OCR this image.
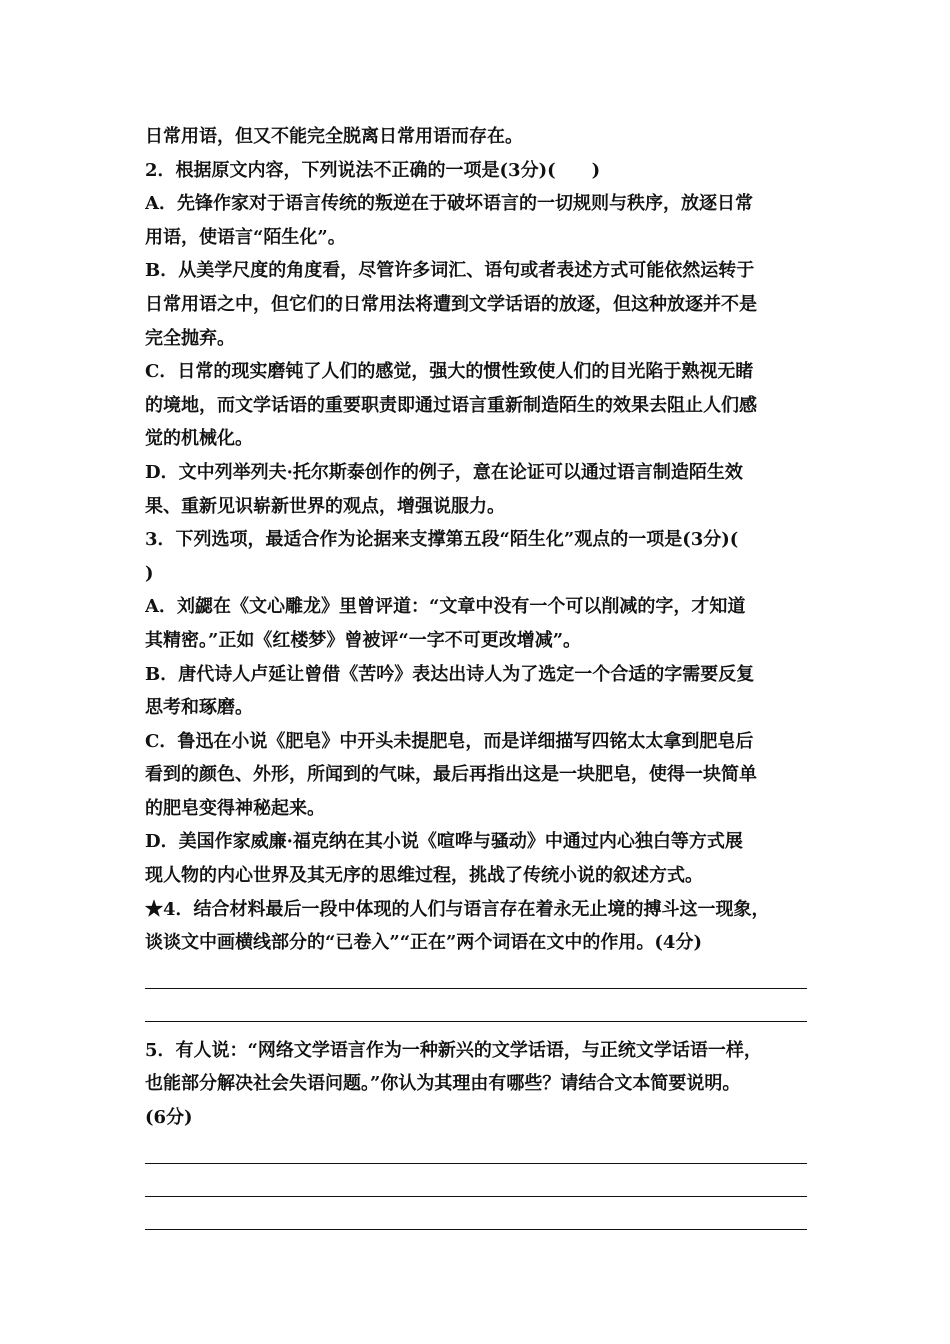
日常用语，但又不能完全脱离日常用语而存在。
2．根据原文内容，下列说法不正确的一项是(3分)(　　)
A．先锋作家对于语言传统的叛逆在于破坏语言的一切规则与秩序，放逐日常
用语，使语言“陌生化”。
B．从美学尺度的角度看，尽管许多词汇、语句或者表述方式可能依然运转于
日常用语之中，但它们的日常用法将遭到文学话语的放逐，但这种放逐并不是
完全抛弃。
C．日常的现实磨钝了人们的感觉，强大的惯性致使人们的目光陷于熟视无睹
的境地，而文学话语的重要职责即通过语言重新制造陌生的效果去阻止人们感
觉的机械化。
D．文中列举列夫·托尔斯泰创作的例子，意在论证可以通过语言制造陌生效
果、重新见识崭新世界的观点，增强说服力。
3．下列选项，最适合作为论据来支撑第五段“陌生化”观点的一项是(3分)(
)
A．刘勰在《文心雕龙》里曾评道：“文章中没有一个可以削减的字，才知道
其精密。”正如《红楼梦》曾被评“一字不可更改增减”。
B．唐代诗人卢延让曾借《苦吟》表达出诗人为了选定一个合适的字需要反复
思考和琢磨。
C．鲁迅在小说《肥皂》中开头未提肥皂，而是详细描写四铭太太拿到肥皂后
看到的颜色、外形，所闻到的气味，最后再指出这是一块肥皂，使得一块简单
的肥皂变得神秘起来。
D．美国作家威廉·福克纳在其小说《喧哗与骚动》中通过内心独白等方式展
现人物的内心世界及其无序的思维过程，挑战了传统小说的叙述方式。
★4．结合材料最后一段中体现的人们与语言存在着永无止境的搏斗这一现象，
谈谈文中画横线部分的“已卷入”“正在”两个词语在文中的作用。(4分)
5．有人说：“网络文学语言作为一种新兴的文学话语，与正统文学话语一样，
也能部分解决社会失语问题。”你认为其理由有哪些？请结合文本简要说明。
(6分)
